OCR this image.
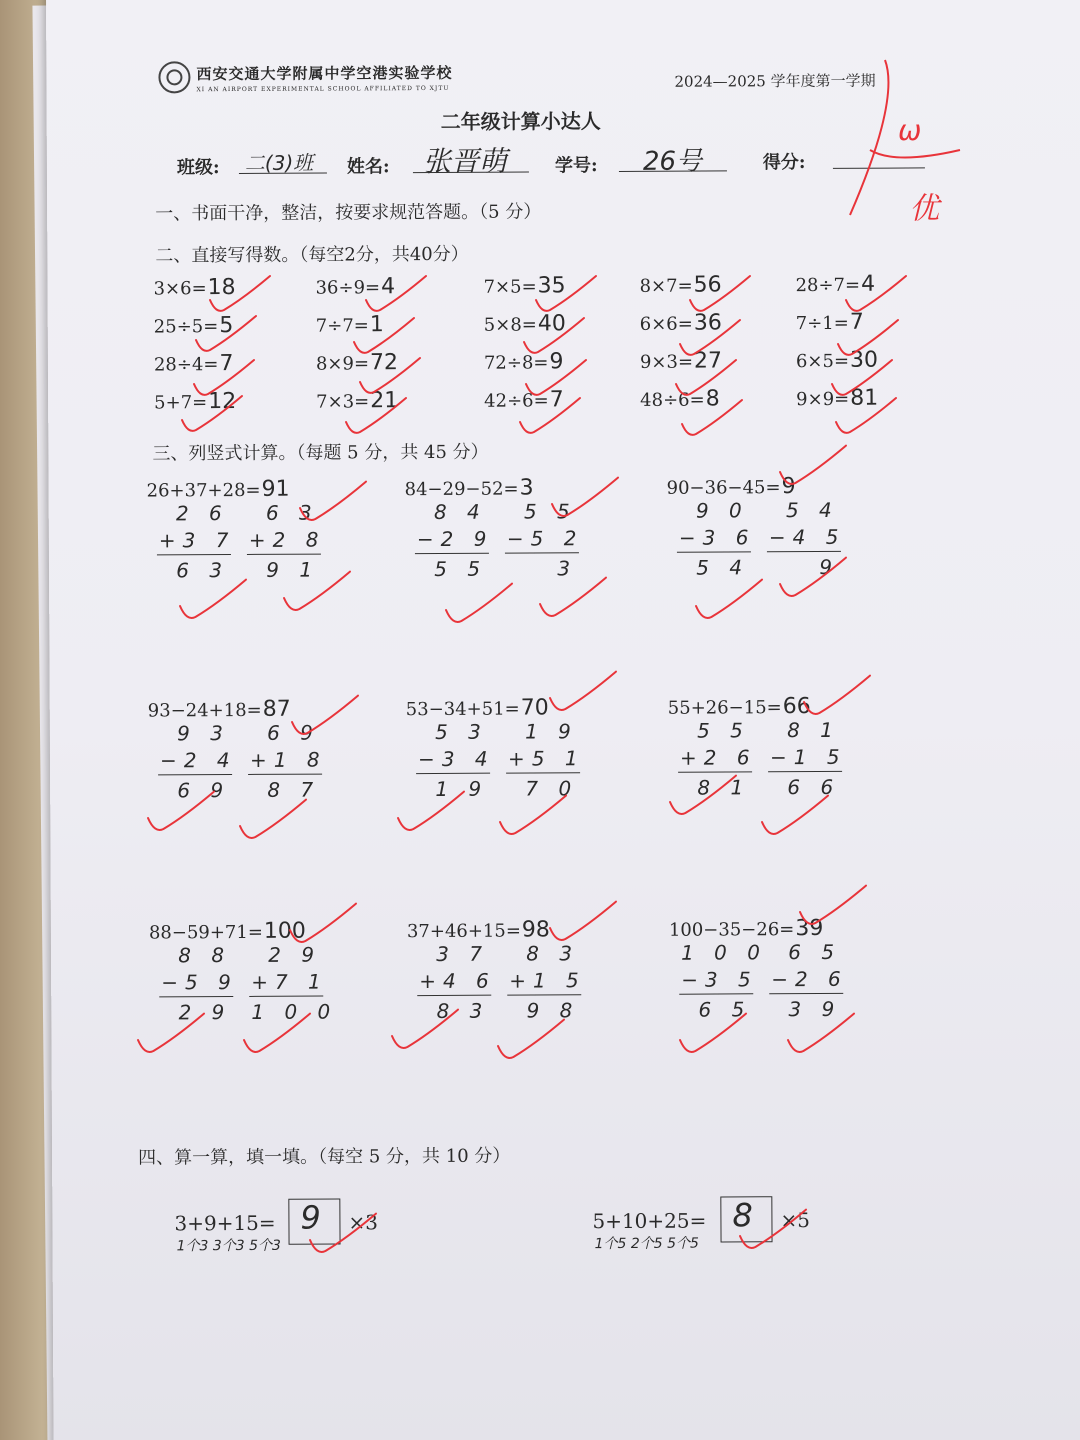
西安交通大学附属中学空港实验学校
XI AN AIRPORT EXPERIMENTAL SCHOOL AFFILIATED TO XJTU	2024—2025 学年度第一学期
二年级计算小达人
班级: 二(3)班 姓名: 张晋萌	学号: 26号	得分:
优
一、书面干净，整洁，按要求规范答题。（5 分）
二、直接写得数。（每空2分，共40分）
3×6=18	36÷9=4	7×5=35	8×7=56	28÷7=4
25÷5=5	7÷7=1	5×8=40	6×6=36	7÷1=7
28÷4=7	8×9=72	72÷8=9	9×3=27	6×5=30
5+7=12	7×3=21	42÷6=7	48÷6=8	9×9=81
三、列竖式计算。（每题 5 分，共 45 分）
26+37+28=91
2 6
+3 7
6 3
6 3
+2 8
9 1
84−29−52=3
8 4
−2 9
5 5
5 5
−5 2
3
90−36−45=9
9 0
−3 6
5 4
5 4
−4 5
9
93−24+18=87
9 3
−2 4
6 9
6 9
+1 8
8 7
53−34+51=70
5 3
−3 4
1 9
1 9
+5 1
7 0
55+26−15=66
5 5
+2 6
8 1
8 1
−1 5
6 6
88−59+71=100
8 8
−5 9
2 9
2 9
+7 1
1 0 0
37+46+15=98
3 7
+4 6
8 3
8 3
+1 5
9 8
100−35−26=39
1 0 0
−3 5
6 5
6 5
−2 6
3 9
四、算一算，填一填。（每空 5 分，共 10 分）
3+9+15= 9 ×3
1个3 3个3 5个3
5+10+25= 8 ×5
1个5 2个5 5个5
ω
